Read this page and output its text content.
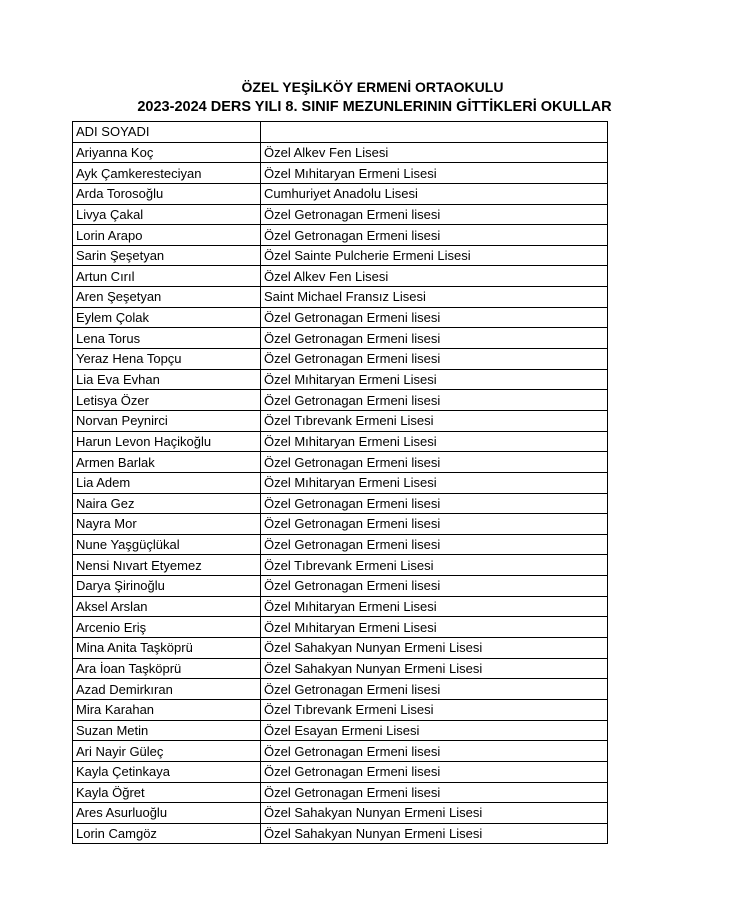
ÖZEL YEŞİLKÖY ERMENİ ORTAOKULU
2023-2024 DERS YILI 8. SINIF MEZUNLERININ GİTTİKLERİ OKULLAR
ADI SOYADI	
Ariyanna Koç	Özel Alkev Fen Lisesi
Ayk Çamkeresteciyan	Özel Mıhitaryan Ermeni Lisesi
Arda Torosoğlu	Cumhuriyet Anadolu Lisesi
Livya Çakal	Özel Getronagan Ermeni lisesi
Lorin Arapo	Özel Getronagan Ermeni lisesi
Sarin Şeşetyan	Özel Sainte Pulcherie Ermeni Lisesi
Artun Cırıl	Özel Alkev Fen Lisesi
Aren Şeşetyan	Saint Michael Fransız Lisesi
Eylem Çolak	Özel Getronagan Ermeni lisesi
Lena Torus	Özel Getronagan Ermeni lisesi
Yeraz Hena Topçu	Özel Getronagan Ermeni lisesi
Lia Eva Evhan	Özel Mıhitaryan Ermeni Lisesi
Letisya Özer	Özel Getronagan Ermeni lisesi
Norvan Peynirci	Özel Tıbrevank Ermeni Lisesi
Harun Levon Haçikoğlu	Özel Mıhitaryan Ermeni Lisesi
Armen Barlak	Özel Getronagan Ermeni lisesi
Lia Adem	Özel Mıhitaryan Ermeni Lisesi
Naira Gez	Özel Getronagan Ermeni lisesi
Nayra Mor	Özel Getronagan Ermeni lisesi
Nune Yaşgüçlükal	Özel Getronagan Ermeni lisesi
Nensi Nıvart Etyemez	Özel Tıbrevank Ermeni Lisesi
Darya Şirinoğlu	Özel Getronagan Ermeni lisesi
Aksel Arslan	Özel Mıhitaryan Ermeni Lisesi
Arcenio Eriş	Özel Mıhitaryan Ermeni Lisesi
Mina Anita Taşköprü	Özel Sahakyan Nunyan Ermeni Lisesi
Ara İoan Taşköprü	Özel Sahakyan Nunyan Ermeni Lisesi
Azad Demirkıran	Özel Getronagan Ermeni lisesi
Mira Karahan	Özel Tıbrevank Ermeni Lisesi
Suzan Metin	Özel Esayan Ermeni Lisesi
Ari Nayir Güleç	Özel Getronagan Ermeni lisesi
Kayla Çetinkaya	Özel Getronagan Ermeni lisesi
Kayla Öğret	Özel Getronagan Ermeni lisesi
Ares Asurluoğlu	Özel Sahakyan Nunyan Ermeni Lisesi
Lorin Camgöz	Özel Sahakyan Nunyan Ermeni Lisesi
